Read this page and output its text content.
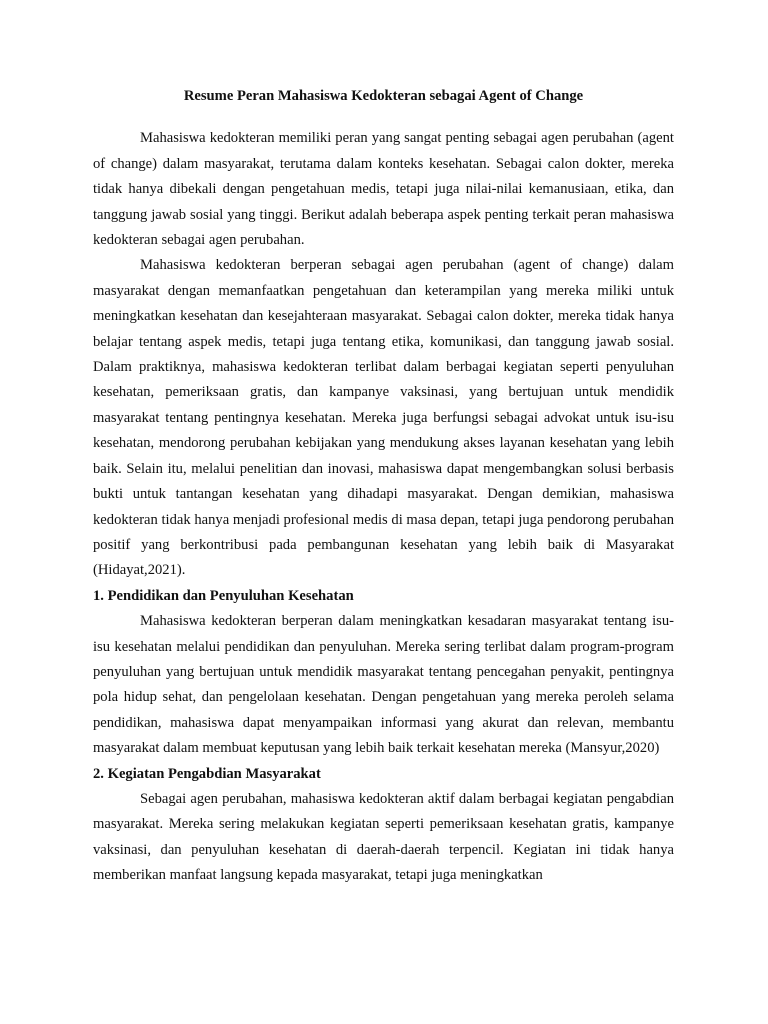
Resume Peran Mahasiswa Kedokteran sebagai Agent of Change

Mahasiswa kedokteran memiliki peran yang sangat penting sebagai agen perubahan (agent of change) dalam masyarakat, terutama dalam konteks kesehatan. Sebagai calon dokter, mereka tidak hanya dibekali dengan pengetahuan medis, tetapi juga nilai-nilai kemanusiaan, etika, dan tanggung jawab sosial yang tinggi. Berikut adalah beberapa aspek penting terkait peran mahasiswa kedokteran sebagai agen perubahan.

Mahasiswa kedokteran berperan sebagai agen perubahan (agent of change) dalam masyarakat dengan memanfaatkan pengetahuan dan keterampilan yang mereka miliki untuk meningkatkan kesehatan dan kesejahteraan masyarakat. Sebagai calon dokter, mereka tidak hanya belajar tentang aspek medis, tetapi juga tentang etika, komunikasi, dan tanggung jawab sosial. Dalam praktiknya, mahasiswa kedokteran terlibat dalam berbagai kegiatan seperti penyuluhan kesehatan, pemeriksaan gratis, dan kampanye vaksinasi, yang bertujuan untuk mendidik masyarakat tentang pentingnya kesehatan. Mereka juga berfungsi sebagai advokat untuk isu-isu kesehatan, mendorong perubahan kebijakan yang mendukung akses layanan kesehatan yang lebih baik. Selain itu, melalui penelitian dan inovasi, mahasiswa dapat mengembangkan solusi berbasis bukti untuk tantangan kesehatan yang dihadapi masyarakat. Dengan demikian, mahasiswa kedokteran tidak hanya menjadi profesional medis di masa depan, tetapi juga pendorong perubahan positif yang berkontribusi pada pembangunan kesehatan yang lebih baik di Masyarakat (Hidayat,2021).

1. Pendidikan dan Penyuluhan Kesehatan

Mahasiswa kedokteran berperan dalam meningkatkan kesadaran masyarakat tentang isu-isu kesehatan melalui pendidikan dan penyuluhan. Mereka sering terlibat dalam program-program penyuluhan yang bertujuan untuk mendidik masyarakat tentang pencegahan penyakit, pentingnya pola hidup sehat, dan pengelolaan kesehatan. Dengan pengetahuan yang mereka peroleh selama pendidikan, mahasiswa dapat menyampaikan informasi yang akurat dan relevan, membantu masyarakat dalam membuat keputusan yang lebih baik terkait kesehatan mereka (Mansyur,2020)

2. Kegiatan Pengabdian Masyarakat

Sebagai agen perubahan, mahasiswa kedokteran aktif dalam berbagai kegiatan pengabdian masyarakat. Mereka sering melakukan kegiatan seperti pemeriksaan kesehatan gratis, kampanye vaksinasi, dan penyuluhan kesehatan di daerah-daerah terpencil. Kegiatan ini tidak hanya memberikan manfaat langsung kepada masyarakat, tetapi juga meningkatkan
